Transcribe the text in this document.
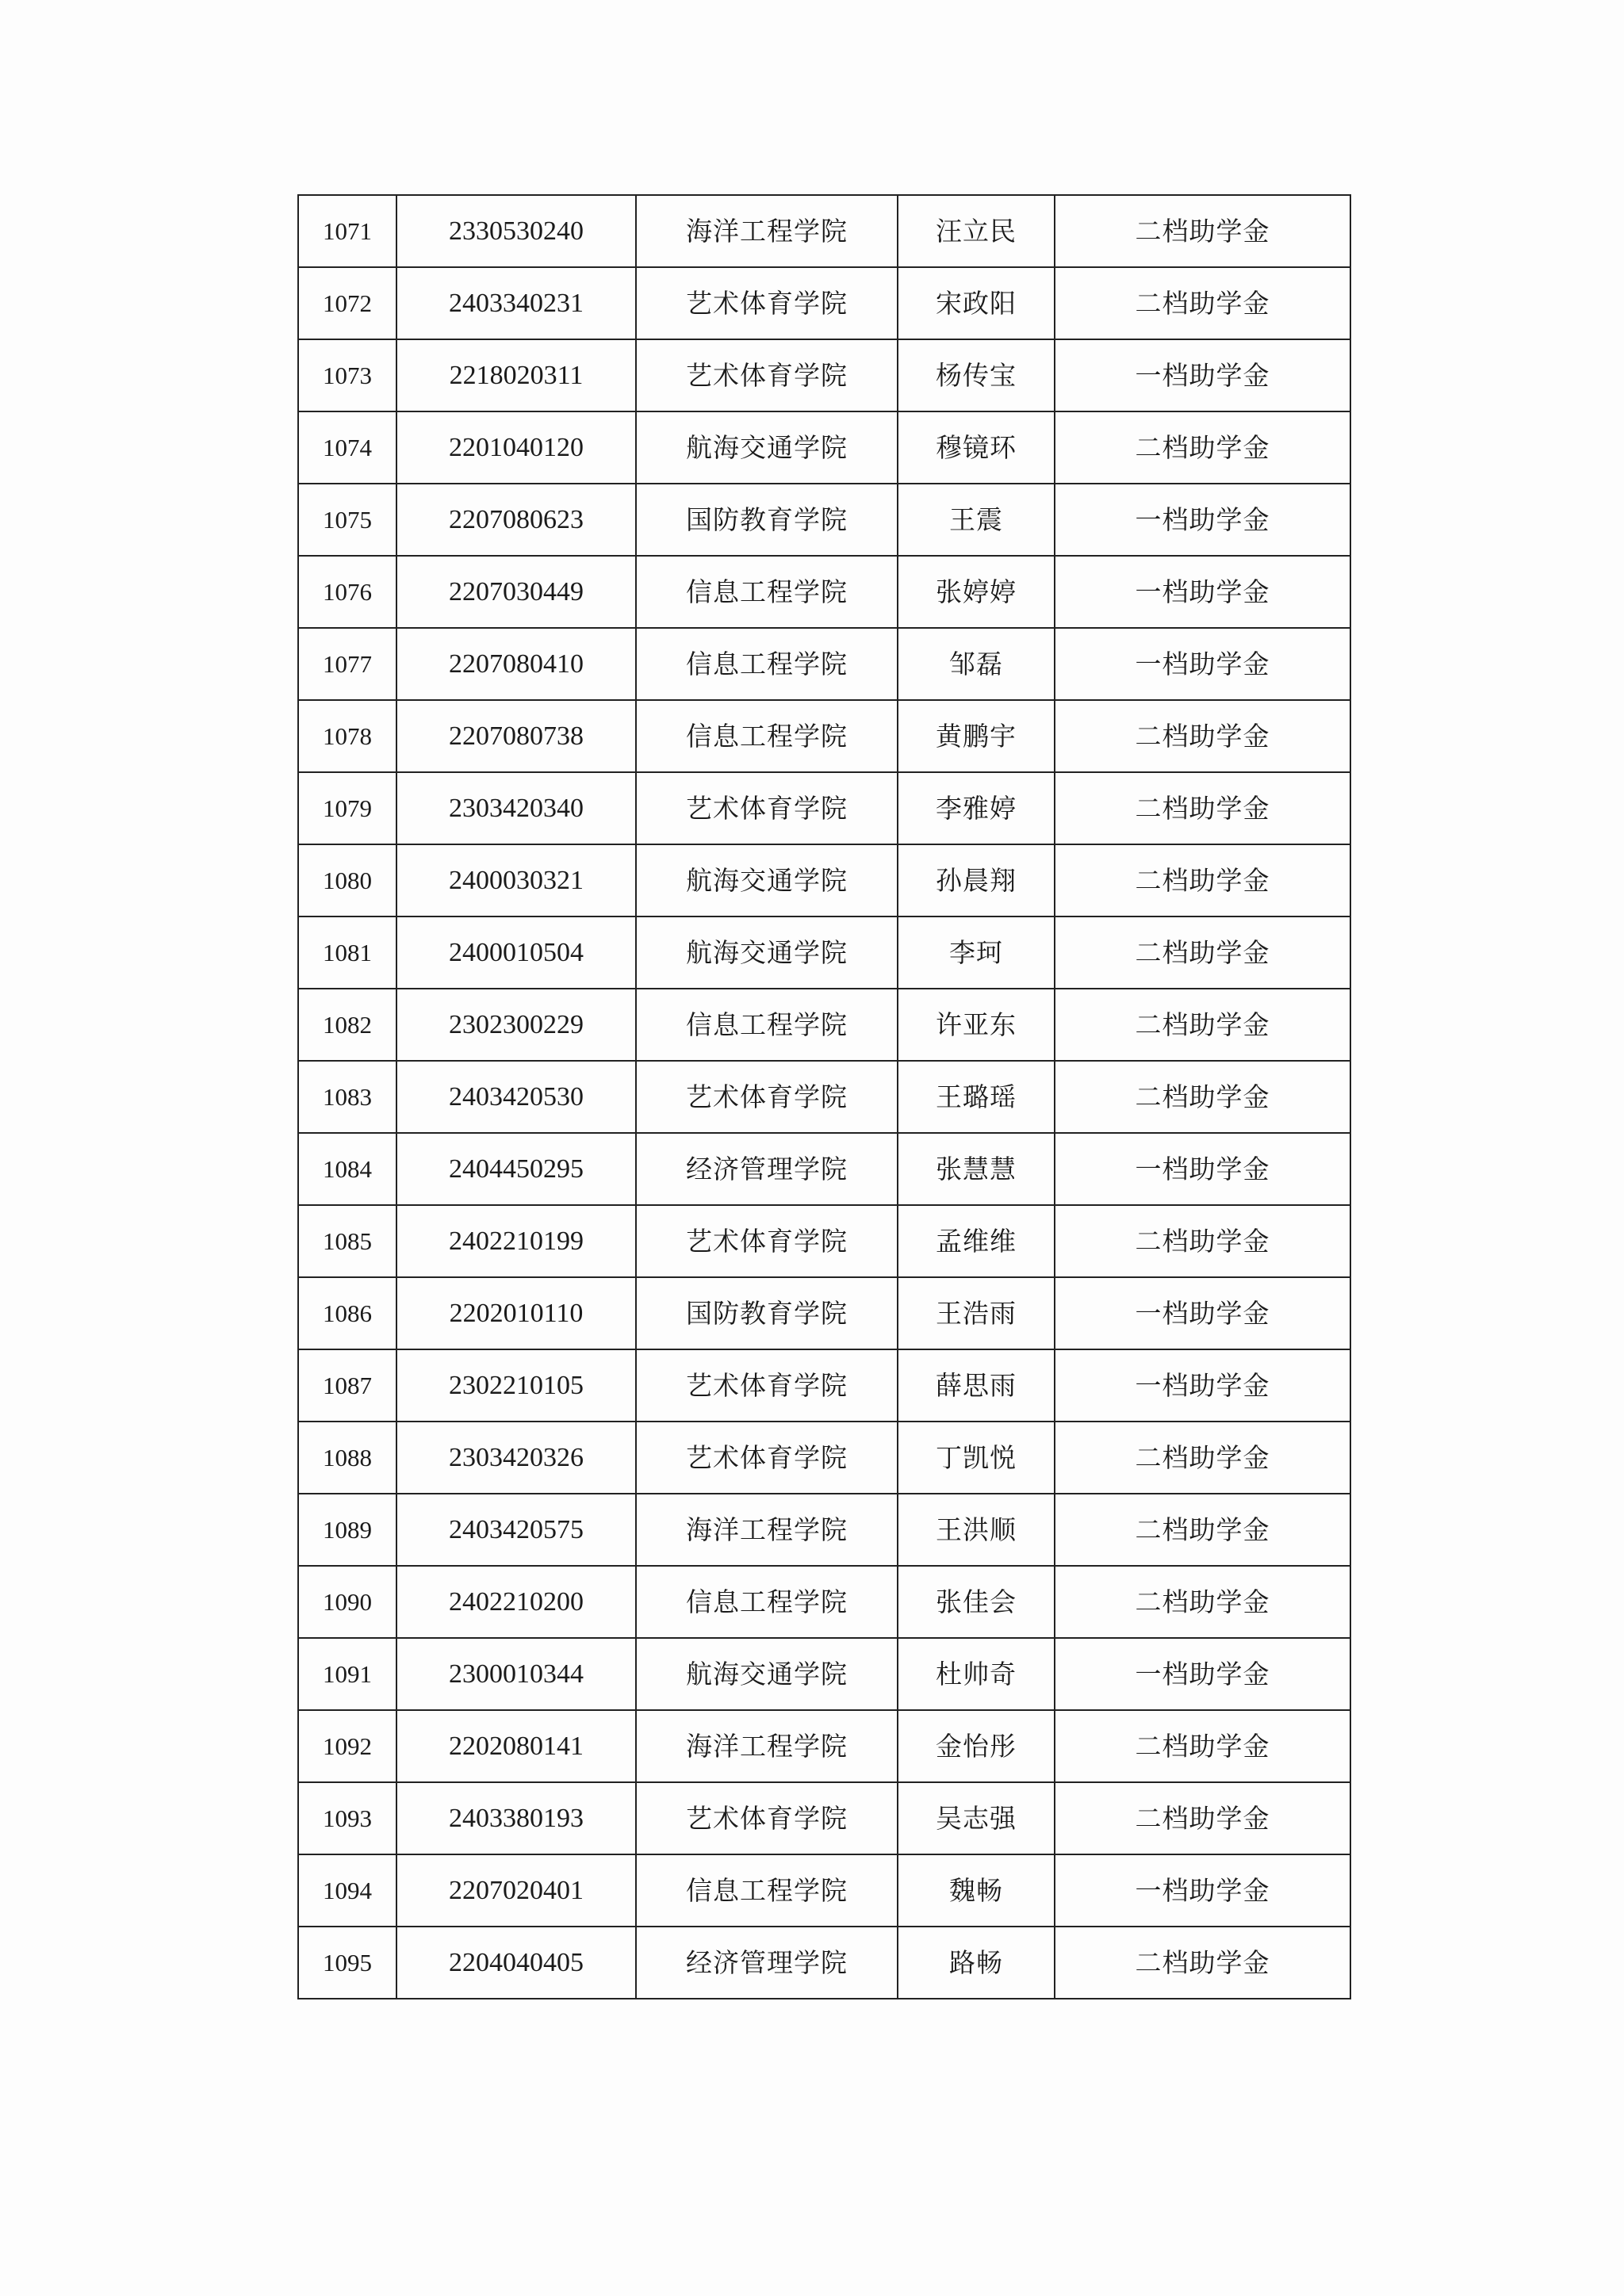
1071	2330530240	海洋工程学院	汪立民	二档助学金
1072	2403340231	艺术体育学院	宋政阳	二档助学金
1073	2218020311	艺术体育学院	杨传宝	一档助学金
1074	2201040120	航海交通学院	穆镜环	二档助学金
1075	2207080623	国防教育学院	王震	一档助学金
1076	2207030449	信息工程学院	张婷婷	一档助学金
1077	2207080410	信息工程学院	邹磊	一档助学金
1078	2207080738	信息工程学院	黄鹏宇	二档助学金
1079	2303420340	艺术体育学院	李雅婷	二档助学金
1080	2400030321	航海交通学院	孙晨翔	二档助学金
1081	2400010504	航海交通学院	李珂	二档助学金
1082	2302300229	信息工程学院	许亚东	二档助学金
1083	2403420530	艺术体育学院	王璐瑶	二档助学金
1084	2404450295	经济管理学院	张慧慧	一档助学金
1085	2402210199	艺术体育学院	孟维维	二档助学金
1086	2202010110	国防教育学院	王浩雨	一档助学金
1087	2302210105	艺术体育学院	薛思雨	一档助学金
1088	2303420326	艺术体育学院	丁凯悦	二档助学金
1089	2403420575	海洋工程学院	王洪顺	二档助学金
1090	2402210200	信息工程学院	张佳会	二档助学金
1091	2300010344	航海交通学院	杜帅奇	一档助学金
1092	2202080141	海洋工程学院	金怡彤	二档助学金
1093	2403380193	艺术体育学院	吴志强	二档助学金
1094	2207020401	信息工程学院	魏畅	一档助学金
1095	2204040405	经济管理学院	路畅	二档助学金
